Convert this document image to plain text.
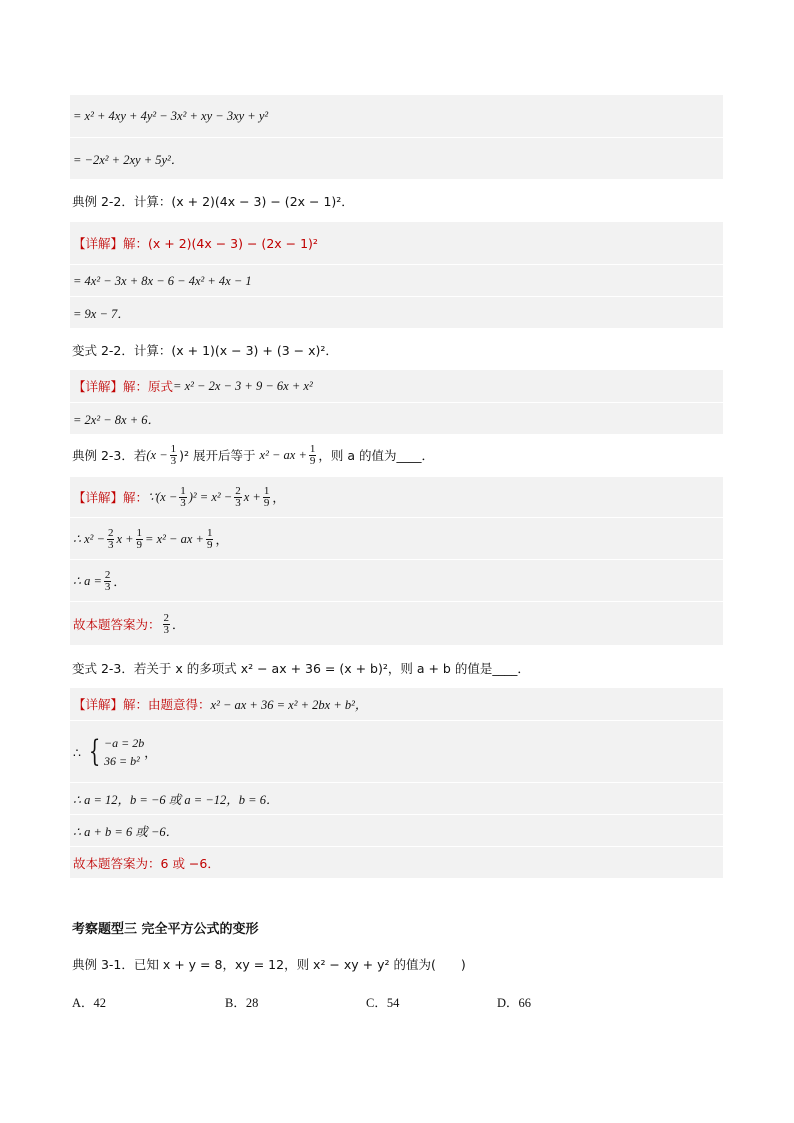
= x² + 4xy + 4y² − 3x² + xy − 3xy + y²
= −2x² + 2xy + 5y²．
典例 2-2．计算：(x + 2)(4x − 3) − (2x − 1)²．
【详解】 解：(x + 2)(4x − 3) − (2x − 1)²
= 4x² − 3x + 8x − 6 − 4x² + 4x − 1
= 9x − 7．
变式 2-2．计算：(x + 1)(x − 3) + (3 − x)²．
【详解】 解：原式 = x² − 2x − 3 + 9 − 6x + x²
= 2x² − 8x + 6．
典例 2-3．若 $(x - \frac{1}{3} )^2$ 展开后等于 x² − ax + $\frac{1}{9}$ ，则 a 的值为____．
【详解】 解： ∵(x − $\frac{1}{3} )^2 = x^2 - \frac{2}{3}$ $x + \frac{1}{9}$ ，
∴ $x^2 - \frac{2}{3}$ $x + \frac{1}{9} = x^2$ − ax + $\frac{1}{9}$ ，
∴ $a = \frac{2}{3}$ ．
故本题答案为： $\frac{2}{3}$ ．
变式 2-3．若关于 x 的多项式 x² − ax + 36 = (x + b)²，则 a + b 的值是____．
【详解】 解：由题意得： x² − ax + 36 = x² + 2bx + b²，
∴ { −a = 2b
36 = b²
，
∴ a = 12，b = −6 或 a = −12，b = 6．
∴ a + b = 6 或 −6．
故本题答案为： 6 或 −6．
考察题型三 完全平方公式的变形
典例 3-1．已知 x + y = 8，xy = 12，则 x² − xy + y² 的值为(　　)
A．42	B．28	C．54	D．66
